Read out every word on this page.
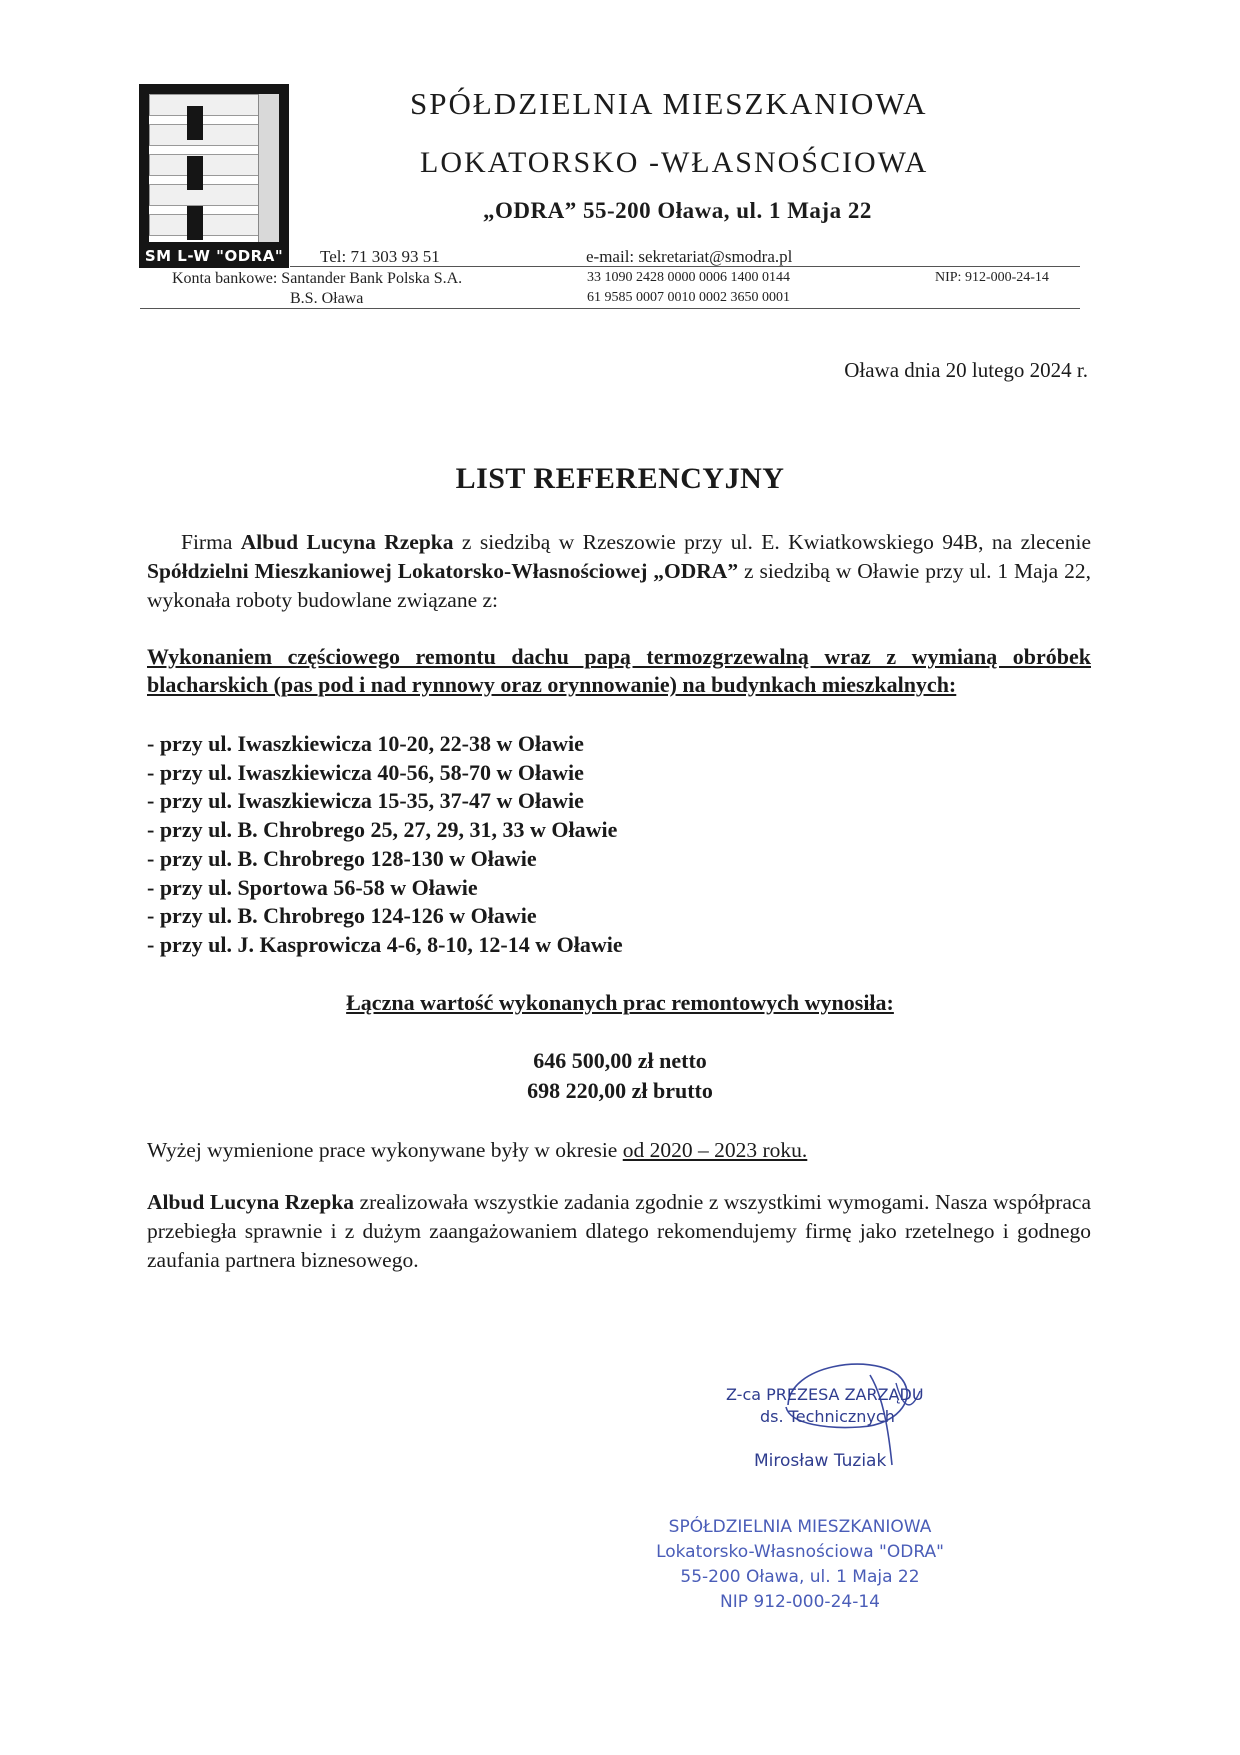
SM L-W "ODRA"
SPÓŁDZIELNIA MIESZKANIOWA
LOKATORSKO -WŁASNOŚCIOWA
„ODRA” 55-200 Oława, ul. 1 Maja 22
Tel: 71 303 93 51	e-mail: sekretariat@smodra.pl
Konta bankowe: Santander Bank Polska S.A.
B.S. Oława
33 1090 2428 0000 0006 1400 0144
61 9585 0007 0010 0002 3650 0001
NIP: 912-000-24-14
Oława dnia 20 lutego 2024 r.
LIST REFERENCYJNY
Firma Albud Lucyna Rzepka z siedzibą w Rzeszowie przy ul. E. Kwiatkowskiego 94B, na zlecenie Spółdzielni Mieszkaniowej Lokatorsko-Własnościowej „ODRA” z siedzibą w Oławie przy ul. 1 Maja 22, wykonała roboty budowlane związane z:
Wykonaniem częściowego remontu dachu papą termozgrzewalną wraz z wymianą obróbek blacharskich (pas pod i nad rynnowy oraz orynnowanie) na budynkach mieszkalnych:
- przy ul. Iwaszkiewicza 10-20, 22-38 w Oławie
- przy ul. Iwaszkiewicza 40-56, 58-70 w Oławie
- przy ul. Iwaszkiewicza 15-35, 37-47 w Oławie
- przy ul. B. Chrobrego 25, 27, 29, 31, 33 w Oławie
- przy ul. B. Chrobrego 128-130 w Oławie
- przy ul. Sportowa 56-58 w Oławie
- przy ul. B. Chrobrego 124-126 w Oławie
- przy ul. J. Kasprowicza 4-6, 8-10, 12-14 w Oławie
Łączna wartość wykonanych prac remontowych wynosiła:
646 500,00 zł netto
698 220,00 zł brutto
Wyżej wymienione prace wykonywane były w okresie od 2020 – 2023 roku.
Albud Lucyna Rzepka zrealizowała wszystkie zadania zgodnie z wszystkimi wymogami. Nasza współpraca przebiegła sprawnie i z dużym zaangażowaniem dlatego rekomendujemy firmę jako rzetelnego i godnego zaufania partnera biznesowego.
Z-ca PREZESA ZARZĄDU
ds. Technicznych
Mirosław Tuziak
SPÓŁDZIELNIA MIESZKANIOWA
Lokatorsko-Własnościowa "ODRA"
55-200 Oława, ul. 1 Maja 22
NIP 912-000-24-14
